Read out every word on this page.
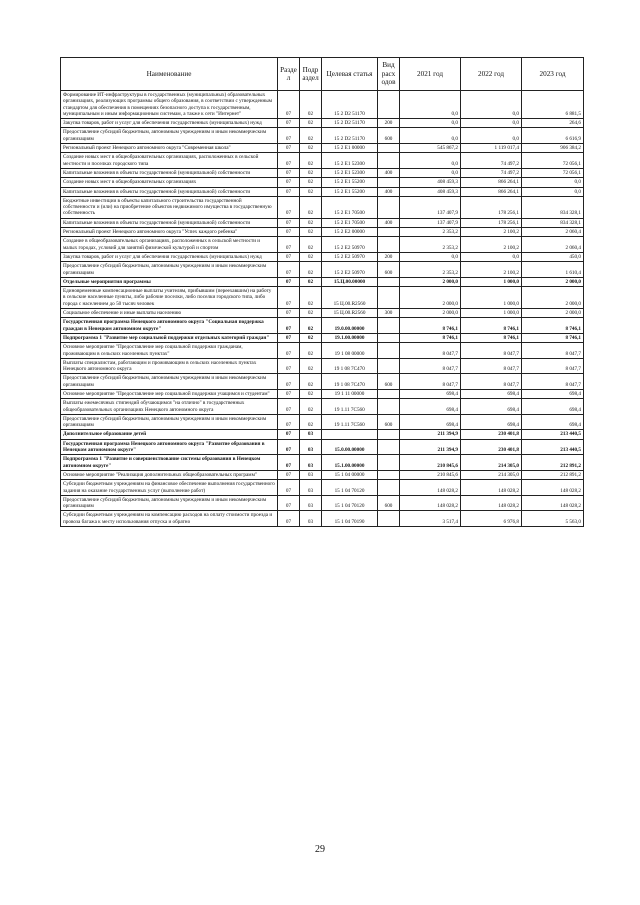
Наименование	Разде л	Подр аздел	Целевая статья	Вид расх одов	2021 год	2022 год	2023 год
Формирование ИТ-инфраструктуры в государственных (муниципальных) образовательных организациях, реализующих программы общего образования, в соответствии с утвержденным стандартом для обеспечения в помещениях безопасного доступа к государственным, муниципальным и иным информационным системам, а также к сети "Интернет"	07	02	15 2 D2 51170		0,0	0,0	6 881,5
Закупка товаров, работ и услуг для обеспечения государственных (муниципальных) нужд	07	02	15 2 D2 51170	200	0,0	0,0	264,6
Предоставление субсидий бюджетным, автономным учреждениям и иным некоммерческим организациям	07	02	15 2 D2 51170	600	0,0	0,0	6 616,9
Региональный проект Ненецкого автономного округа "Современная школа"	07	02	15 2 E1 00000		545 867,2	1 119 017,4	906 384,2
Создание новых мест в общеобразовательных организациях, расположенных в сельской местности и поселках городского типа	07	02	15 2 E1 52300		0,0	74 497,2	72 056,1
Капитальные вложения в объекты государственной (муниципальной) собственности	07	02	15 2 E1 52300	400	0,0	74 497,2	72 056,1
Создание новых мест в общеобразовательных организациях	07	02	15 2 E1 55200		408 459,3	866 264,1	0,0
Капитальные вложения в объекты государственной (муниципальной) собственности	07	02	15 2 E1 55200	400	408 459,3	866 264,1	0,0
Бюджетные инвестиции в объекты капитального строительства государственной собственности и (или) на приобретение объектов недвижимого имущества в государственную собственность	07	02	15 2 E1 70500		137 407,9	178 256,1	834 328,1
Капитальные вложения в объекты государственной (муниципальной) собственности	07	02	15 2 E1 70500	400	137 407,9	178 256,1	834 328,1
Региональный проект Ненецкого автономного округа "Успех каждого ребенка"	07	02	15 2 E2 00000		2 353,2	2 100,2	2 060,4
Создание в общеобразовательных организациях, расположенных в сельской местности и малых городах, условий для занятий физической культурой и спортом	07	02	15 2 E2 50970		2 353,2	2 100,2	2 060,4
Закупка товаров, работ и услуг для обеспечения государственных (муниципальных) нужд	07	02	15 2 E2 50970	200	0,0	0,0	450,0
Предоставление субсидий бюджетным, автономным учреждениям и иным некоммерческим организациям	07	02	15 2 E2 50970	600	2 353,2	2 100,2	1 610,4
Отдельные мероприятия программы	07	02	15.Ц.00.00000		2 000,0	1 000,0	2 000,0
Единовременные компенсационные выплаты учителям, прибывшим (переехавшим) на работу в сельские населенные пункты, либо рабочие поселки, либо поселки городского типа, либо города с населением до 50 тысяч человек	07	02	15 Ц.00.R2560		2 000,0	1 000,0	2 000,0
Социальное обеспечение и иные выплаты населению	07	02	15 Ц.00.R2560	300	2 000,0	1 000,0	2 000,0
Государственная программа Ненецкого автономного округа "Социальная поддержка граждан в Ненецком автономном округе"	07	02	19.0.00.00000		8 746,1	8 746,1	8 746,1
Подпрограмма 1 "Развитие мер социальной поддержки отдельных категорий граждан"	07	02	19.1.00.00000		8 746,1	8 746,1	8 746,1
Основное мероприятие "Предоставление мер социальной поддержки гражданам, проживающим в сельских населенных пунктах"	07	02	19 1 08 00000		8 047,7	8 047,7	8 047,7
Выплаты специалистам, работающим и проживающим в сельских населенных пунктах Ненецкого автономного округа	07	02	19 1 08 7С470		8 047,7	8 047,7	8 047,7
Предоставление субсидий бюджетным, автономным учреждениям и иным некоммерческим организациям	07	02	19 1 08 7С470	600	8 047,7	8 047,7	8 047,7
Основное мероприятие "Предоставление мер социальной поддержки учащимся и студентам"	07	02	19 1 11 00000		698,4	698,4	698,4
Выплаты ежемесячных стипендий обучающимся "на отлично" в государственных общеобразовательных организациях Ненецкого автономного округа	07	02	19 1.11 7С560		698,4	698,4	698,4
Предоставление субсидий бюджетным, автономным учреждениям и иным некоммерческим организациям	07	02	19 1.11 7С560	600	698,4	698,4	698,4
Дополнительное образование детей	07	03			211 394,9	230 401,8	213 440,5
Государственная программа Ненецкого автономного округа "Развитие образования в Ненецком автономном округе"	07	03	15.0.00.00000		211 394,9	230 401,8	213 440,5
Подпрограмма 1 "Развитие и совершенствование системы образования в Ненецком автономном округе"	07	03	15.1.00.00000		210 845,6	214 305,0	212 891,2
Основное мероприятие "Реализация дополнительных общеобразовательных программ"	07	03	15 1 04 00000		210 845,6	214 305,0	212 891,2
Субсидии бюджетным учреждениям на финансовое обеспечение выполнения государственного задания на оказание государственных услуг (выполнение работ)	07	03	15 1 04 70120		148 028,2	148 028,2	148 028,2
Предоставление субсидий бюджетным, автономным учреждениям и иным некоммерческим организациям	07	03	15 1 04 70120	600	148 028,2	148 028,2	148 028,2
Субсидии бюджетным учреждениям на компенсацию расходов на оплату стоимости проезда и провоза багажа к месту использования отпуска и обратно	07	03	15 1 04 70190		3 517,4	6 976,8	5 563,0
29
